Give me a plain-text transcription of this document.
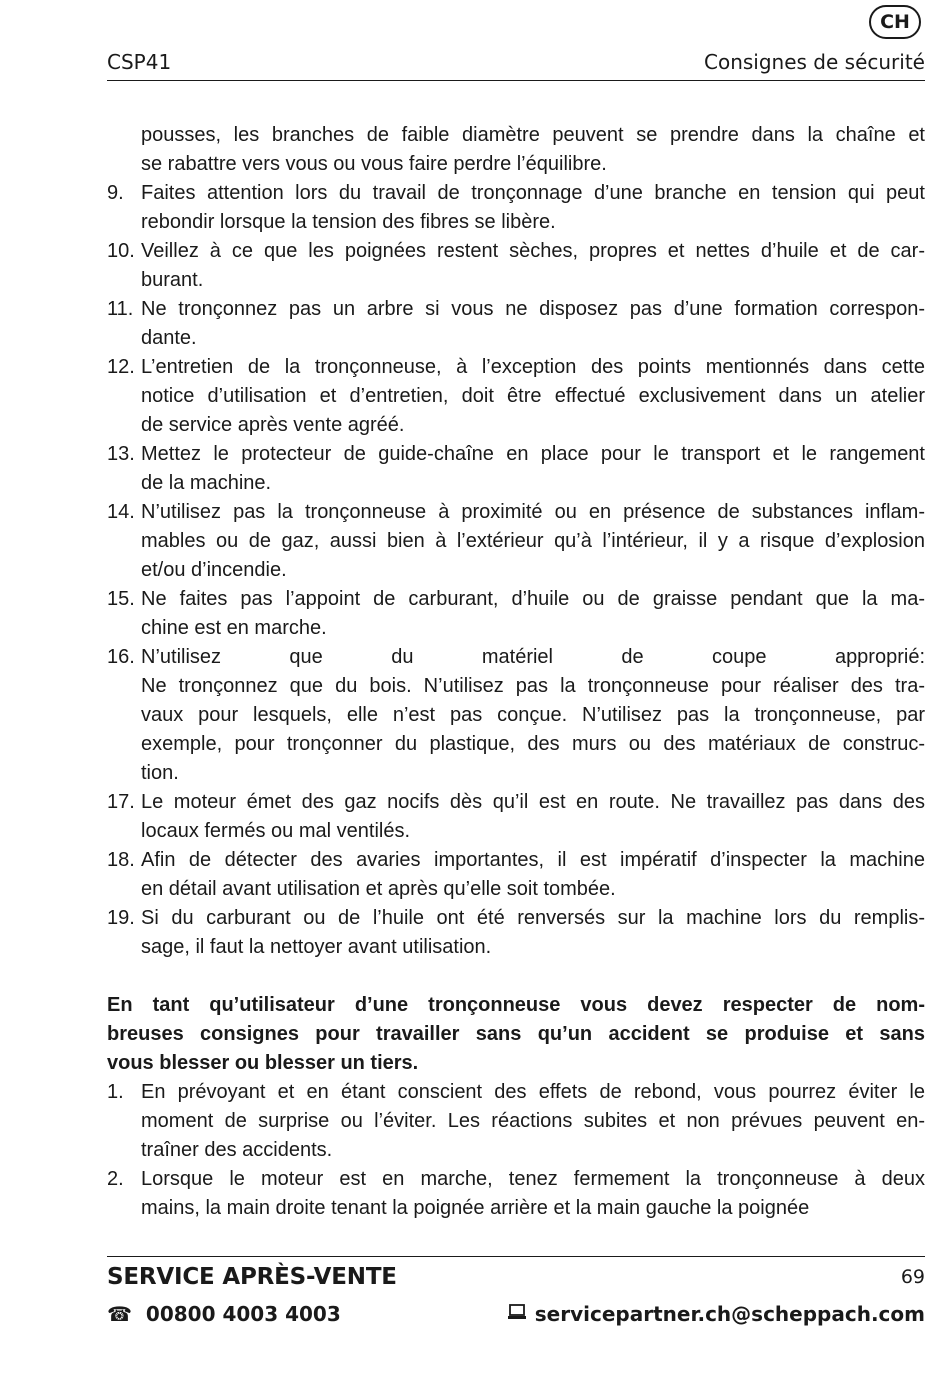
CH
CSP41	Consignes de sécurité
pousses, les branches de faible diamètre peuvent se prendre dans la chaîne et
se rabattre vers vous ou vous faire perdre l’équilibre.
9. Faites attention lors du travail de tronçonnage d’une branche en tension qui peut
rebondir lorsque la tension des fibres se libère.
10. Veillez à ce que les poignées restent sèches, propres et nettes d’huile et de car-
burant.
11. Ne tronçonnez pas un arbre si vous ne disposez pas d’une formation correspon-
dante.
12. L’entretien de la tronçonneuse, à l’exception des points mentionnés dans cette
notice d’utilisation et d’entretien, doit être effectué exclusivement dans un atelier
de service après vente agréé.
13. Mettez le protecteur de guide-chaîne en place pour le transport et le rangement
de la machine.
14. N’utilisez pas la tronçonneuse à proximité ou en présence de substances inflam-
mables ou de gaz, aussi bien à l’extérieur qu’à l’intérieur, il y a risque d’explosion
et/ou d’incendie.
15. Ne faites pas l’appoint de carburant, d’huile ou de graisse pendant que la ma-
chine est en marche.
16. N’utilisez que du matériel de coupe approprié:
Ne tronçonnez que du bois. N’utilisez pas la tronçonneuse pour réaliser des tra-
vaux pour lesquels, elle n’est pas conçue. N’utilisez pas la tronçonneuse, par
exemple, pour tronçonner du plastique, des murs ou des matériaux de construc-
tion.
17. Le moteur émet des gaz nocifs dès qu’il est en route. Ne travaillez pas dans des
locaux fermés ou mal ventilés.
18. Afin de détecter des avaries importantes, il est impératif d’inspecter la machine
en détail avant utilisation et après qu’elle soit tombée.
19. Si du carburant ou de l’huile ont été renversés sur la machine lors du remplis-
sage, il faut la nettoyer avant utilisation.
En tant qu’utilisateur d’une tronçonneuse vous devez respecter de nom-
breuses consignes pour travailler sans qu’un accident se produise et sans
vous blesser ou blesser un tiers.
1. En prévoyant et en étant conscient des effets de rebond, vous pourrez éviter le
moment de surprise ou l’éviter. Les réactions subites et non prévues peuvent en-
traîner des accidents.
2. Lorsque le moteur est en marche, tenez fermement la tronçonneuse à deux
mains, la main droite tenant la poignée arrière et la main gauche la poignée
SERVICE APRÈS-VENTE	69
☎ 00800 4003 4003	servicepartner.ch@scheppach.com
